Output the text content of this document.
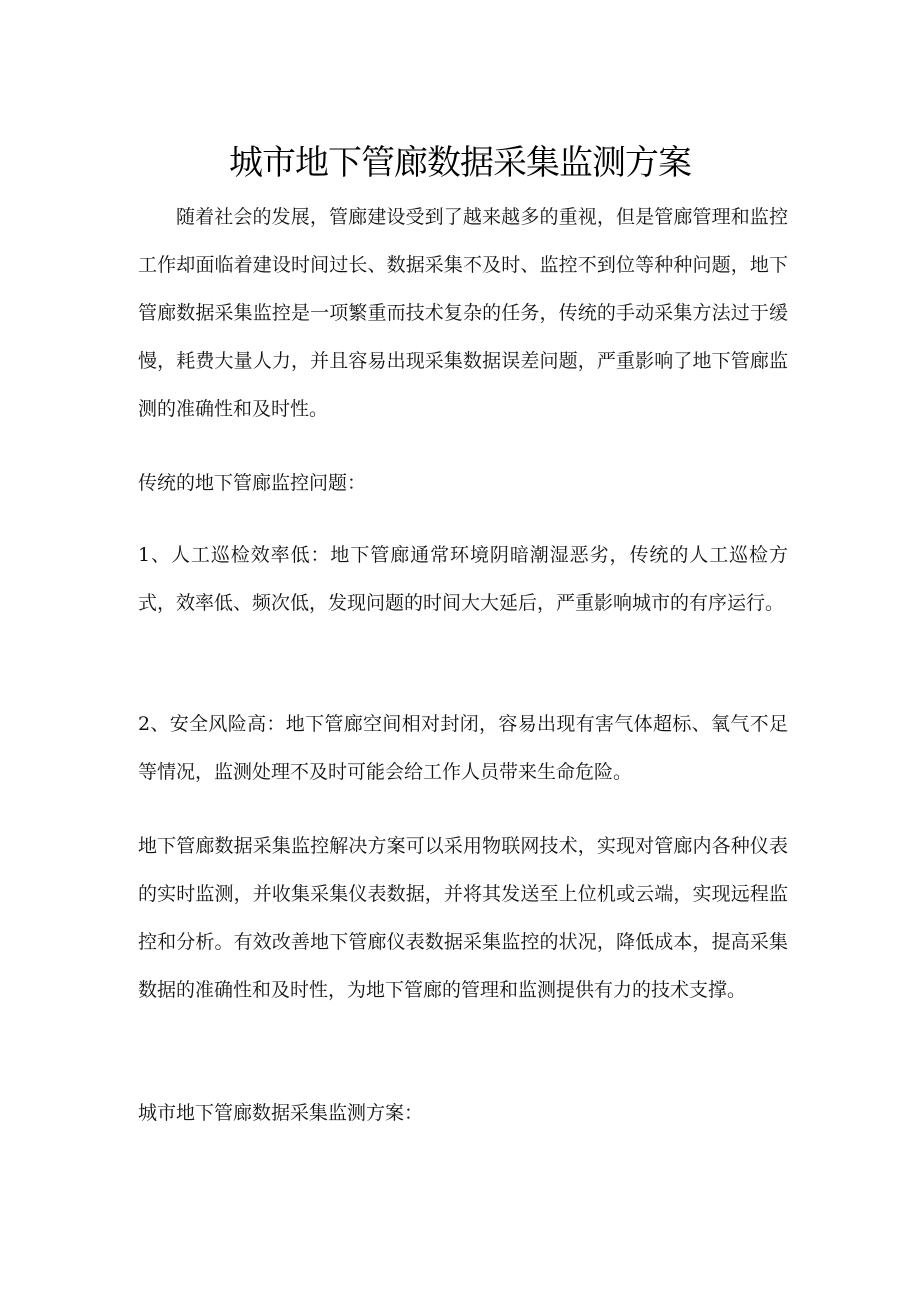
城市地下管廊数据采集监测方案

随着社会的发展，管廊建设受到了越来越多的重视，但是管廊管理和监控工作却面临着建设时间过长、数据采集不及时、监控不到位等种种问题，地下管廊数据采集监控是一项繁重而技术复杂的任务，传统的手动采集方法过于缓慢，耗费大量人力，并且容易出现采集数据误差问题，严重影响了地下管廊监测的准确性和及时性。

传统的地下管廊监控问题：

1、人工巡检效率低：地下管廊通常环境阴暗潮湿恶劣，传统的人工巡检方式，效率低、频次低，发现问题的时间大大延后，严重影响城市的有序运行。

2、安全风险高：地下管廊空间相对封闭，容易出现有害气体超标、氧气不足等情况，监测处理不及时可能会给工作人员带来生命危险。

地下管廊数据采集监控解决方案可以采用物联网技术，实现对管廊内各种仪表的实时监测，并收集采集仪表数据，并将其发送至上位机或云端，实现远程监控和分析。有效改善地下管廊仪表数据采集监控的状况，降低成本，提高采集数据的准确性和及时性，为地下管廊的管理和监测提供有力的技术支撑。

城市地下管廊数据采集监测方案：
